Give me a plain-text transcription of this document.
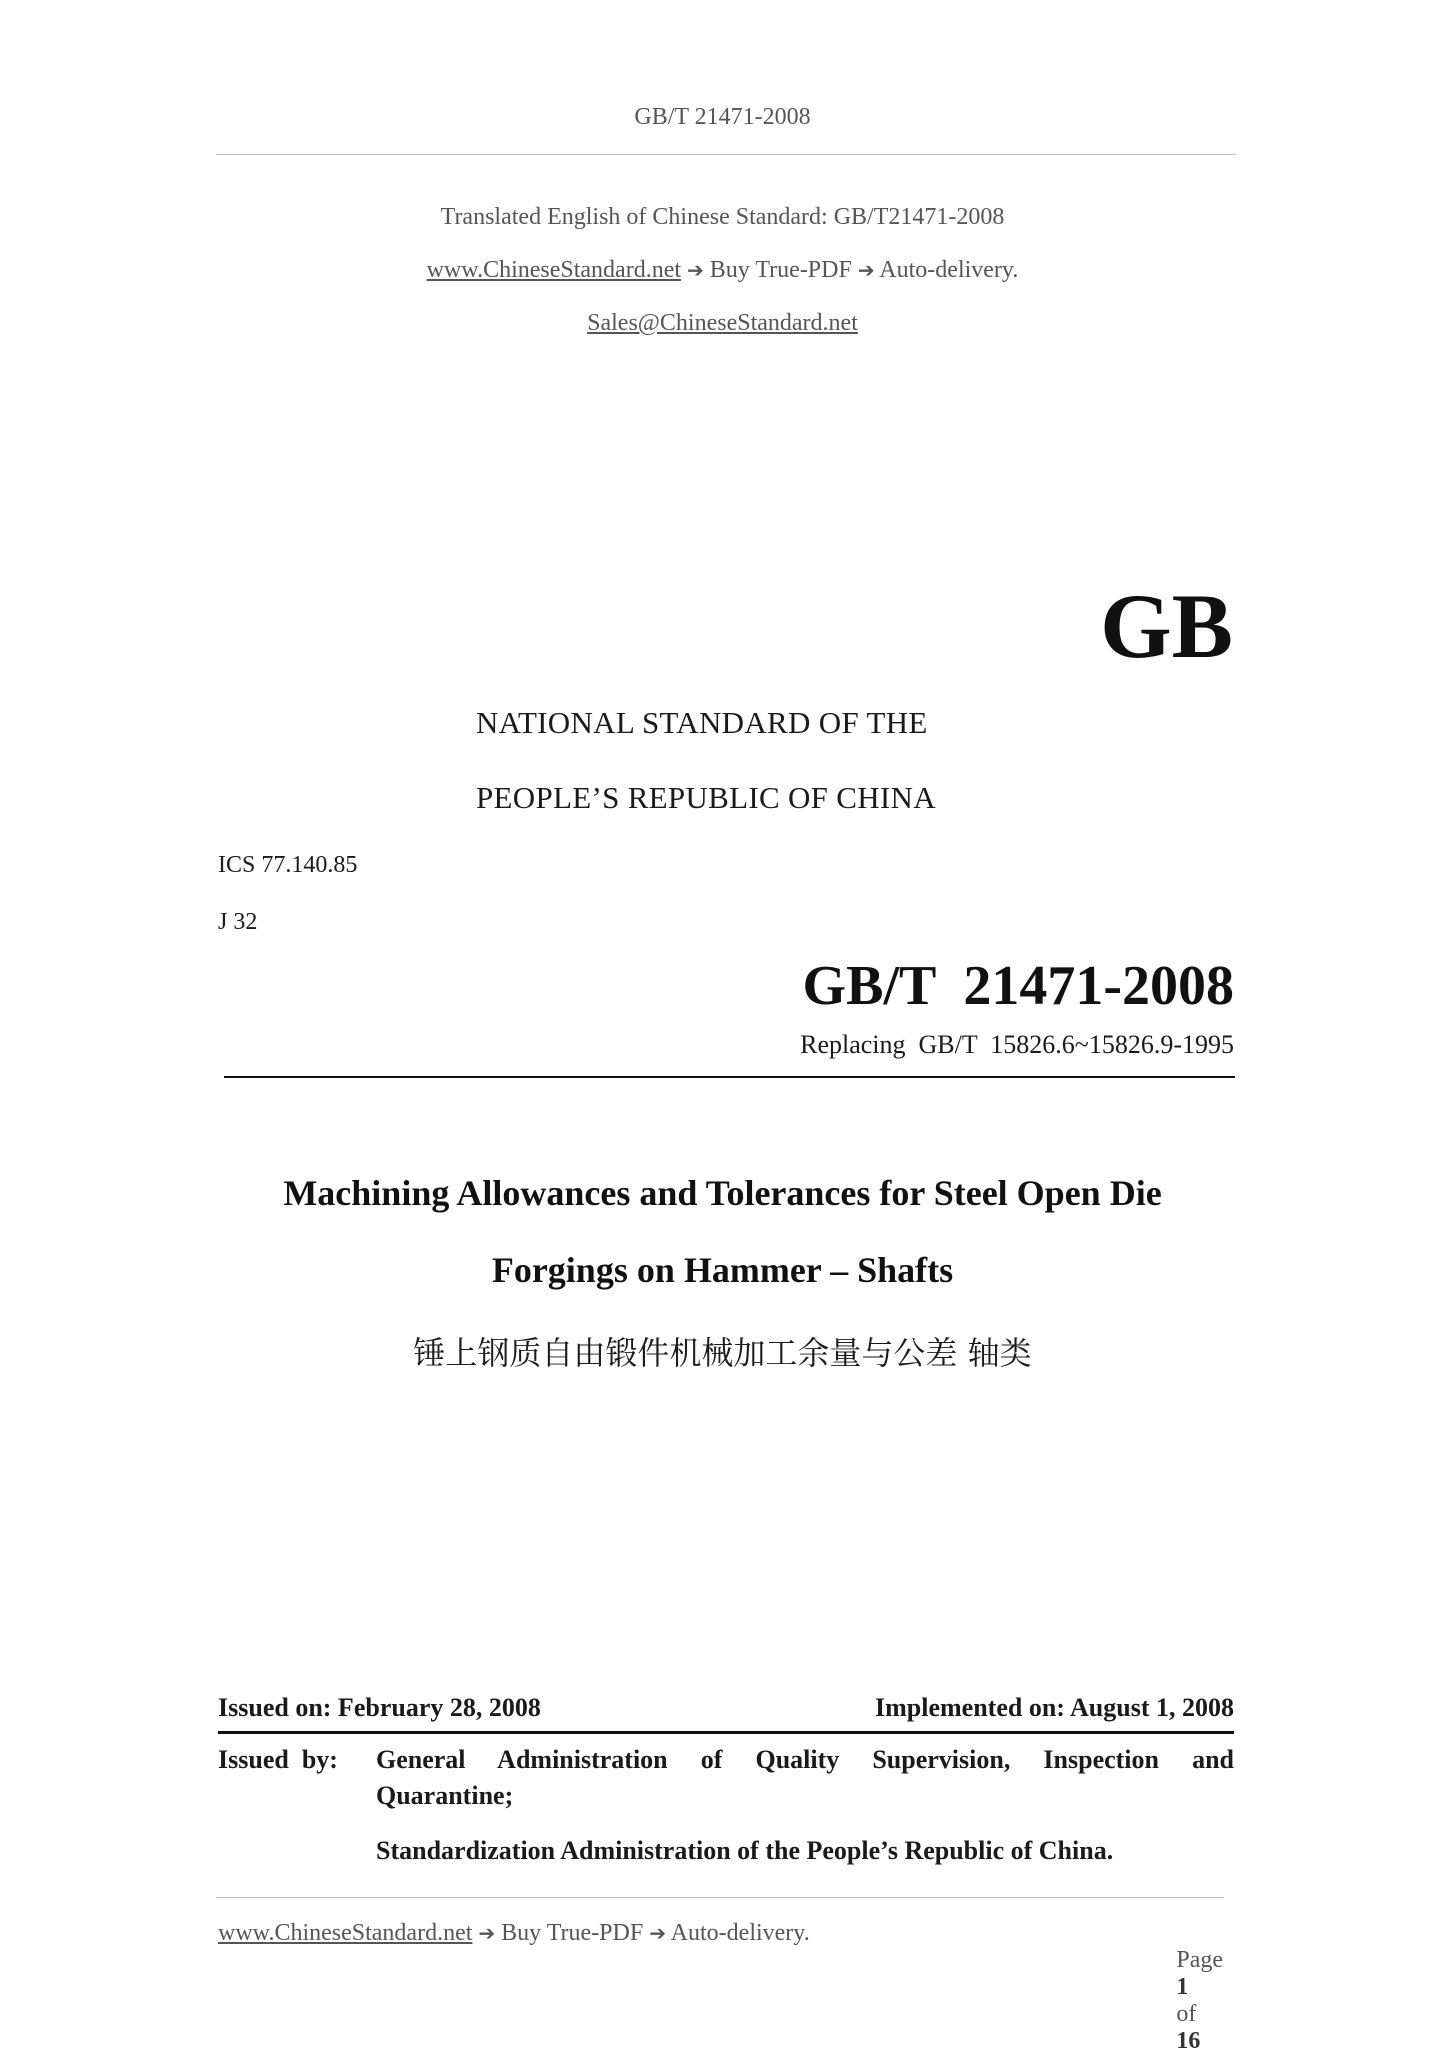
GB/T 21471-2008
Translated English of Chinese Standard: GB/T21471-2008
www.ChineseStandard.net ➔ Buy True-PDF ➔ Auto-delivery.
Sales@ChineseStandard.net
GB
NATIONAL STANDARD OF THE
PEOPLE’S REPUBLIC OF CHINA
ICS 77.140.85
J 32
GB/T  21471-2008
Replacing  GB/T  15826.6~15826.9-1995
Machining Allowances and Tolerances for Steel Open Die
Forgings on Hammer – Shafts
锤上钢质自由锻件机械加工余量与公差 轴类
Issued on: February 28, 2008	Implemented on: August 1, 2008
Issued  by: General  Administration  of  Quality  Supervision,  Inspection  and
Quarantine;
Standardization Administration of the People’s Republic of China.
www.ChineseStandard.net ➔ Buy True-PDF ➔ Auto-delivery.

Page
1
of
16
